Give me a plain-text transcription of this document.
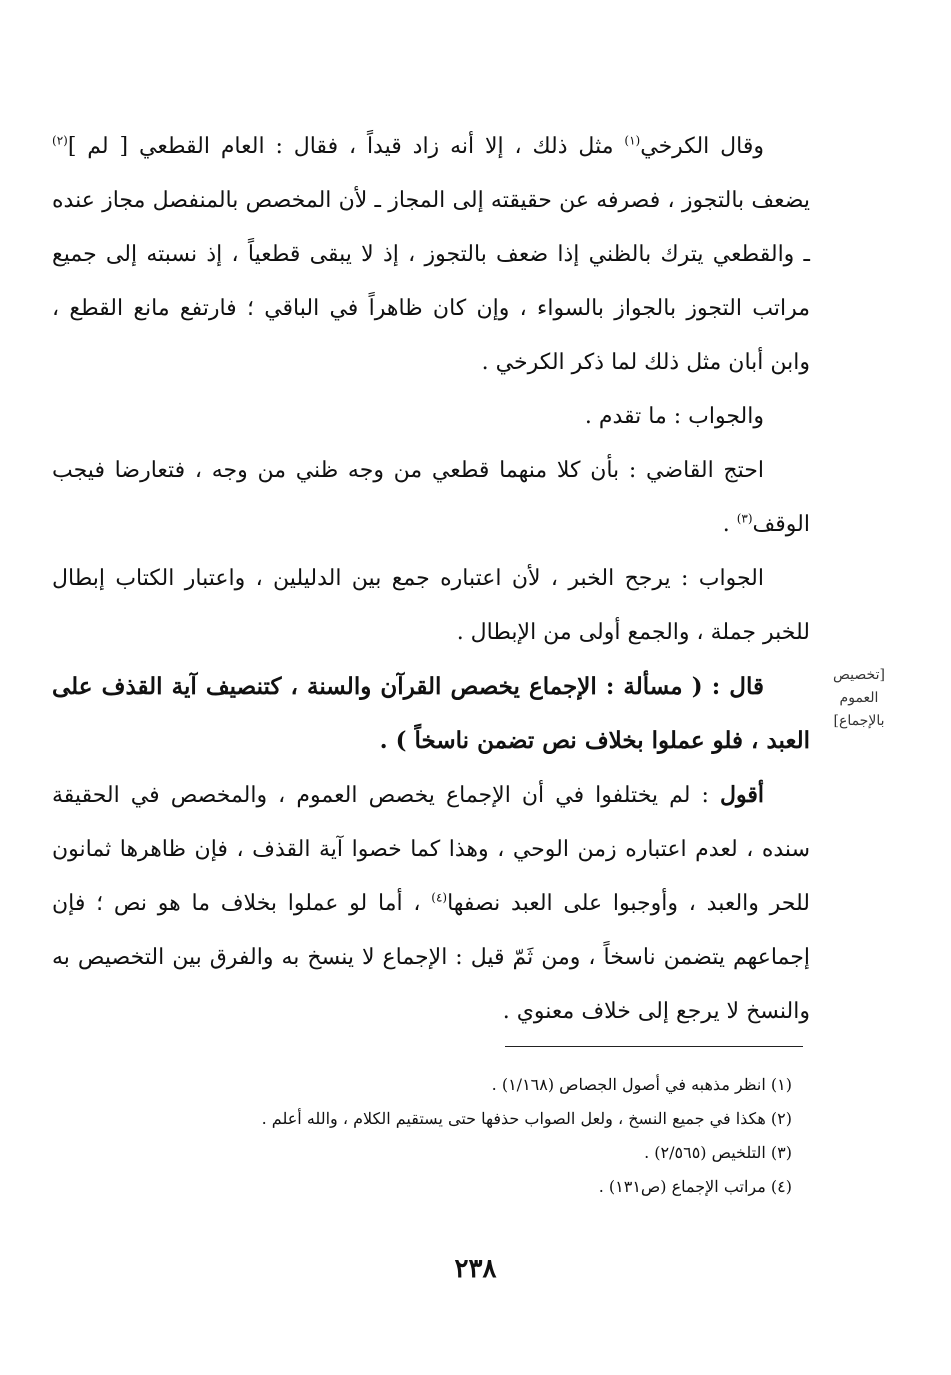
وقال الكرخي$^{(١)}$ مثل ذلك ، إلا أنه زاد قيداً ، فقال : العام القطعي [ لم ]$^{(٢)}$ يضعف بالتجوز ، فصرفه عن حقيقته إلى المجاز ـ لأن المخصص بالمنفصل مجاز عنده ـ والقطعي يترك بالظني إذا ضعف بالتجوز ، إذ لا يبقى قطعياً ، إذ نسبته إلى جميع مراتب التجوز بالجواز بالسواء ، وإن كان ظاهراً في الباقي ؛ فارتفع مانع القطع ، وابن أبان مثل ذلك لما ذكر الكرخي .

والجواب : ما تقدم .

احتج القاضي : بأن كلا منهما قطعي من وجه ظني من وجه ، فتعارضا فيجب الوقف$^{(٣)}$ .

الجواب : يرجح الخبر ، لأن اعتباره جمع بين الدليلين ، واعتبار الكتاب إبطال للخبر جملة ، والجمع أولى من الإبطال .

قال : ( مسألة : الإجماع يخصص القرآن والسنة ، كتنصيف آية القذف على العبد ، فلو عملوا بخلاف نص تضمن ناسخاً ) .

أقول : لم يختلفوا في أن الإجماع يخصص العموم ، والمخصص في الحقيقة سنده ، لعدم اعتباره زمن الوحي ، وهذا كما خصوا آية القذف ، فإن ظاهرها ثمانون للحر والعبد ، وأوجبوا على العبد نصفها$^{(٤)}$ ، أما لو عملوا بخلاف ما هو نص ؛ فإن إجماعهم يتضمن ناسخاً ، ومن ثَمّ قيل : الإجماع لا ينسخ به والفرق بين التخصيص به والنسخ لا يرجع إلى خلاف معنوي .

[تخصيص
العموم
بالإجماع]

(١) انظر مذهبه في أصول الجصاص (١/١٦٨) .

(٢) هكذا في جميع النسخ ، ولعل الصواب حذفها حتى يستقيم الكلام ، والله أعلم .

(٣) التلخيص (٢/٥٦٥) .

(٤) مراتب الإجماع (ص١٣١) .

٢٣٨
